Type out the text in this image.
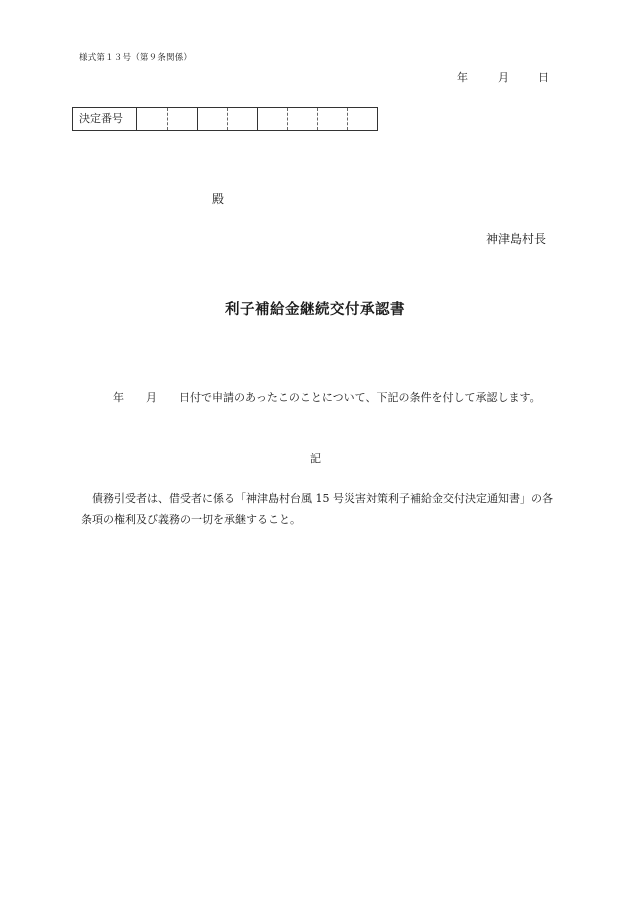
様式第１３号（第９条関係）
年	月	日
決定番号
殿
神津島村長
利子補給金継続交付承認書
年 月 日付で申請のあったこのことについて、下記の条件を付して承認します。
記
債務引受者は、借受者に係る「神津島村台風 15 号災害対策利子補給金交付決定通知書」の各条項の権利及び義務の一切を承継すること。
